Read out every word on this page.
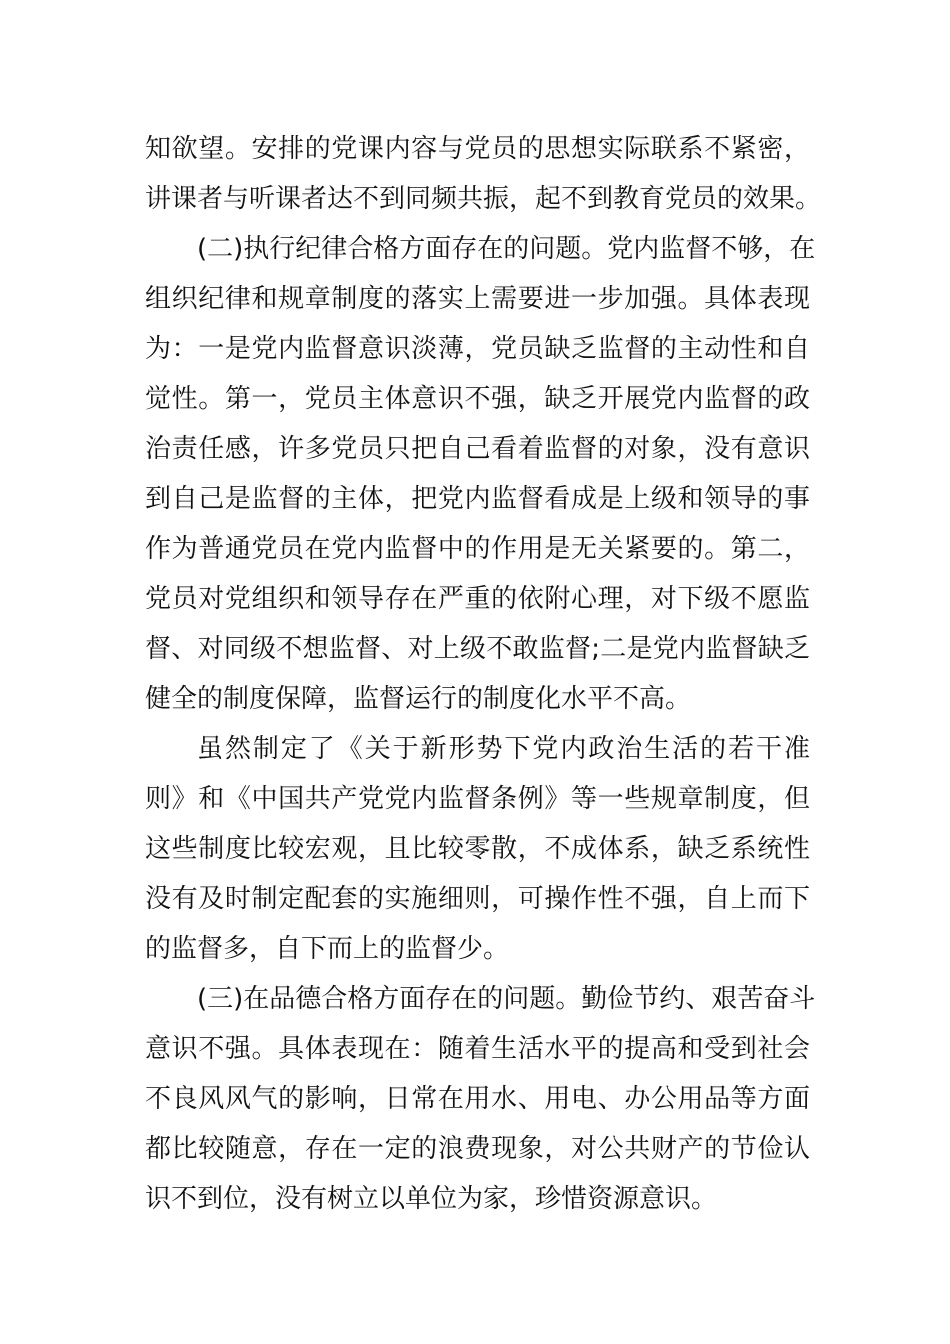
知欲望。安排的党课内容与党员的思想实际联系不紧密，
讲课者与听课者达不到同频共振，起不到教育党员的效果。
(二)执行纪律合格方面存在的问题。党内监督不够，在
组织纪律和规章制度的落实上需要进一步加强。具体表现
为：一是党内监督意识淡薄，党员缺乏监督的主动性和自
觉性。第一，党员主体意识不强，缺乏开展党内监督的政
治责任感，许多党员只把自己看着监督的对象，没有意识
到自己是监督的主体，把党内监督看成是上级和领导的事
作为普通党员在党内监督中的作用是无关紧要的。第二，
党员对党组织和领导存在严重的依附心理，对下级不愿监
督、对同级不想监督、对上级不敢监督;二是党内监督缺乏
健全的制度保障，监督运行的制度化水平不高。
虽然制定了《关于新形势下党内政治生活的若干准
则》和《中国共产党党内监督条例》等一些规章制度，但
这些制度比较宏观，且比较零散，不成体系，缺乏系统性
没有及时制定配套的实施细则，可操作性不强，自上而下
的监督多，自下而上的监督少。
(三)在品德合格方面存在的问题。勤俭节约、艰苦奋斗
意识不强。具体表现在：随着生活水平的提高和受到社会
不良风风气的影响，日常在用水、用电、办公用品等方面
都比较随意，存在一定的浪费现象，对公共财产的节俭认
识不到位，没有树立以单位为家，珍惜资源意识。
